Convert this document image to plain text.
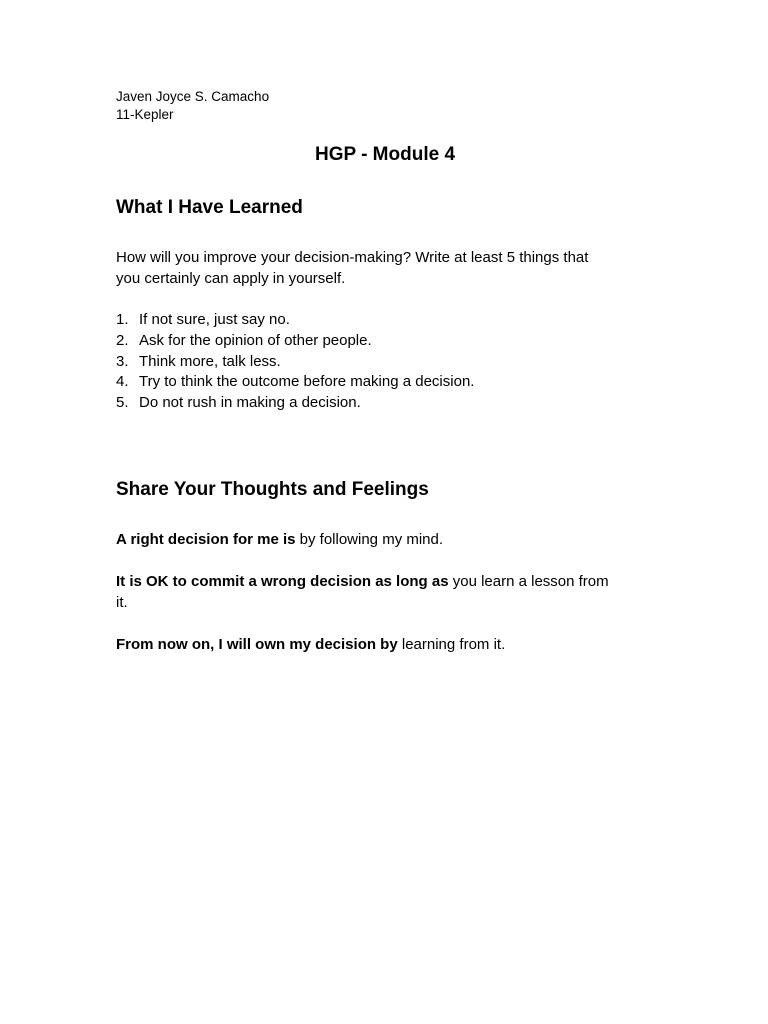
Javen Joyce S. Camacho
11-Kepler
HGP - Module 4
What I Have Learned
How will you improve your decision-making? Write at least 5 things that
you certainly can apply in yourself.
1. If not sure, just say no.
2. Ask for the opinion of other people.
3. Think more, talk less.
4. Try to think the outcome before making a decision.
5. Do not rush in making a decision.
Share Your Thoughts and Feelings
A right decision for me is by following my mind.
It is OK to commit a wrong decision as long as you learn a lesson from
it.
From now on, I will own my decision by learning from it.
